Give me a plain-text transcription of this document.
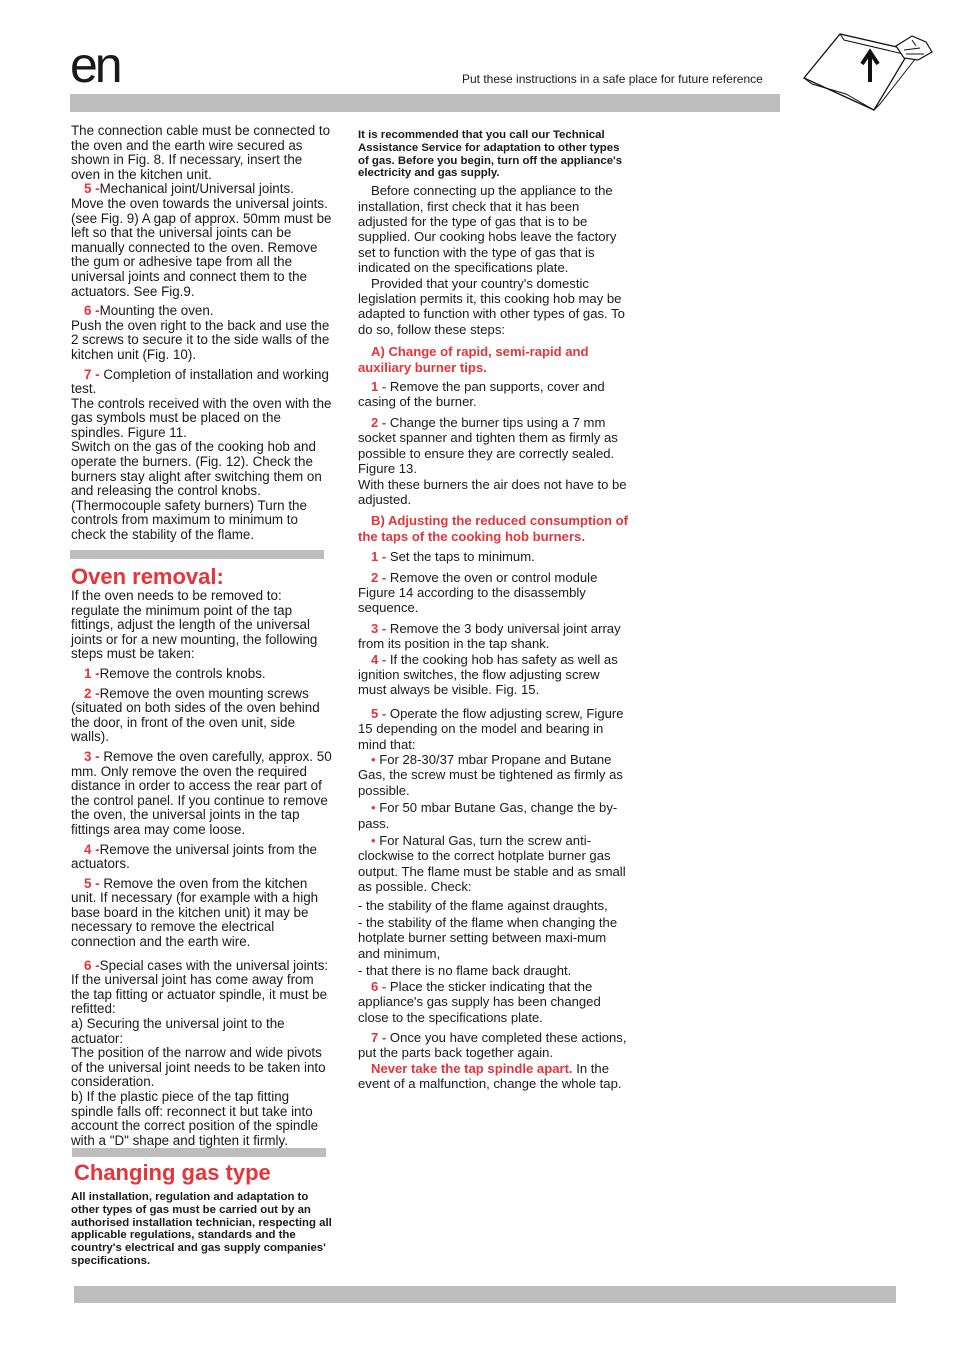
en	Put these instructions in a safe place for future reference

The connection cable must be connected to the oven and the earth wire secured as shown in Fig. 8. If necessary, insert the oven in the kitchen unit.

5 -Mechanical joint/Universal joints.

Move the oven towards the universal joints. (see Fig. 9) A gap of approx. 50mm must be left so that the universal joints can be manually connected to the oven. Remove the gum or adhesive tape from all the universal joints and connect them to the actuators. See Fig.9.

6 -Mounting the oven.

Push the oven right to the back and use the 2 screws to secure it to the side walls of the kitchen unit (Fig. 10).

7 - Completion of installation and working test.

The controls received with the oven with the gas symbols must be placed on the spindles. Figure 11.

Switch on the gas of the cooking hob and operate the burners. (Fig. 12). Check the burners stay alight after switching them on and releasing the control knobs. (Thermocouple safety burners) Turn the controls from maximum to minimum to check the stability of the flame.

Oven removal:

If the oven needs to be removed to: regulate the minimum point of the tap fittings, adjust the length of the universal joints or for a new mounting, the following steps must be taken:

1 -Remove the controls knobs.

2 -Remove the oven mounting screws (situated on both sides of the oven behind the door, in front of the oven unit, side walls).

3 - Remove the oven carefully, approx. 50 mm. Only remove the oven the required distance in order to access the rear part of the control panel. If you continue to remove the oven, the universal joints in the tap fittings area may come loose.

4 -Remove the universal joints from the actuators.

5 - Remove the oven from the kitchen unit. If necessary (for example with a high base board in the kitchen unit) it may be necessary to remove the electrical connection and the earth wire.

6 -Special cases with the universal joints:

If the universal joint has come away from the tap fitting or actuator spindle, it must be refitted:

a) Securing the universal joint to the actuator:

The position of the narrow and wide pivots of the universal joint needs to be taken into consideration.

b) If the plastic piece of the tap fitting spindle falls off: reconnect it but take into account the correct position of the spindle with a "D" shape and tighten it firmly.

Changing gas type

All installation, regulation and adaptation to other types of gas must be carried out by an authorised installation technician, respecting all applicable regulations, standards and the country's electrical and gas supply companies' specifications.

It is recommended that you call our Technical Assistance Service for adaptation to other types of gas. Before you begin, turn off the appliance's electricity and gas supply.

Before connecting up the appliance to the installation, first check that it has been adjusted for the type of gas that is to be supplied. Our cooking hobs leave the factory set to function with the type of gas that is indicated on the specifications plate.

Provided that your country's domestic legislation permits it, this cooking hob may be adapted to function with other types of gas. To do so, follow these steps:

A) Change of rapid, semi-rapid and auxiliary burner tips.

1 - Remove the pan supports, cover and casing of the burner.

2 - Change the burner tips using a 7 mm socket spanner and tighten them as firmly as possible to ensure they are correctly sealed. Figure 13.

With these burners the air does not have to be adjusted.

B) Adjusting the reduced consumption of the taps of the cooking hob burners.

1 - Set the taps to minimum.

2 - Remove the oven or control module Figure 14 according to the disassembly sequence.

3 - Remove the 3 body universal joint array from its position in the tap shank.

4 - If the cooking hob has safety as well as ignition switches, the flow adjusting screw must always be visible. Fig. 15.

5 - Operate the flow adjusting screw, Figure 15 depending on the model and bearing in mind that:

• For 28-30/37 mbar Propane and Butane Gas, the screw must be tightened as firmly as possible.

• For 50 mbar Butane Gas, change the by-pass.

• For Natural Gas, turn the screw anti-clockwise to the correct hotplate burner gas output. The flame must be stable and as small as possible. Check:

- the stability of the flame against draughts,

- the stability of the flame when changing the hotplate burner setting between maxi-mum and minimum,

- that there is no flame back draught.

6 - Place the sticker indicating that the appliance's gas supply has been changed close to the specifications plate.

7 - Once you have completed these actions, put the parts back together again.

Never take the tap spindle apart. In the event of a malfunction, change the whole tap.
